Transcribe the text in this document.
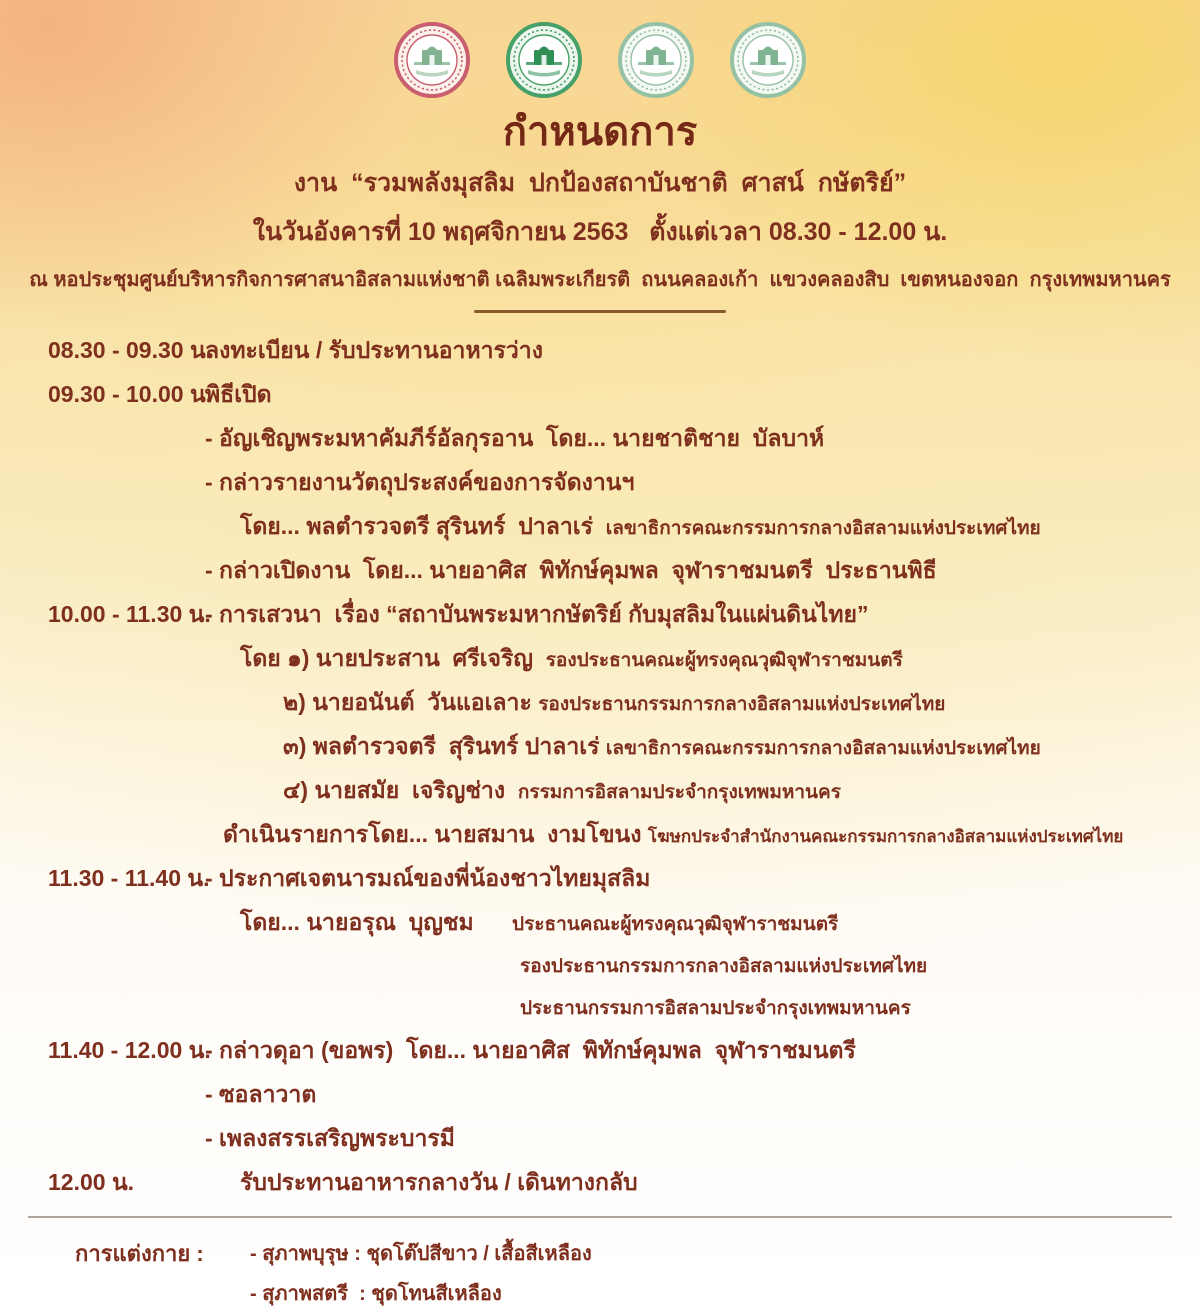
กำหนดการ
งาน  “รวมพลังมุสลิม  ปกป้องสถาบันชาติ  ศาสน์  กษัตริย์”
ในวันอังคารที่ 10 พฤศจิกายน 2563   ตั้งแต่เวลา 08.30 - 12.00 น.
ณ หอประชุมศูนย์บริหารกิจการศาสนาอิสลามแห่งชาติ เฉลิมพระเกียรติ  ถนนคลองเก้า  แขวงคลองสิบ  เขตหนองจอก  กรุงเทพมหานคร
08.30 - 09.30 น.
ลงทะเบียน / รับประทานอาหารว่าง
09.30 - 10.00 น.
พิธีเปิด
- อัญเชิญพระมหาคัมภีร์อัลกุรอาน  โดย... นายชาติชาย  บัลบาห์
- กล่าวรายงานวัตถุประสงค์ของการจัดงานฯ
โดย... พลตำรวจตรี สุรินทร์  ปาลาเร่  เลขาธิการคณะกรรมการกลางอิสลามแห่งประเทศไทย
- กล่าวเปิดงาน  โดย... นายอาศิส  พิทักษ์คุมพล  จุฬาราชมนตรี  ประธานพิธี
10.00 - 11.30 น.
- การเสวนา  เรื่อง “สถาบันพระมหากษัตริย์ กับมุสลิมในแผ่นดินไทย”
โดย ๑) นายประสาน  ศรีเจริญ  รองประธานคณะผู้ทรงคุณวุฒิจุฬาราชมนตรี
๒) นายอนันต์  วันแอเลาะ รองประธานกรรมการกลางอิสลามแห่งประเทศไทย
๓) พลตำรวจตรี  สุรินทร์ ปาลาเร่ เลขาธิการคณะกรรมการกลางอิสลามแห่งประเทศไทย
๔) นายสมัย  เจริญช่าง  กรรมการอิสลามประจำกรุงเทพมหานคร
ดำเนินรายการโดย... นายสมาน  งามโขนง โฆษกประจำสำนักงานคณะกรรมการกลางอิสลามแห่งประเทศไทย
11.30 - 11.40 น.
- ประกาศเจตนารมณ์ของพี่น้องชาวไทยมุสลิม
โดย... นายอรุณ  บุญชม      ประธานคณะผู้ทรงคุณวุฒิจุฬาราชมนตรี
รองประธานกรรมการกลางอิสลามแห่งประเทศไทย
ประธานกรรมการอิสลามประจำกรุงเทพมหานคร
11.40 - 12.00 น.
- กล่าวดุอา (ขอพร)  โดย... นายอาศิส  พิทักษ์คุมพล  จุฬาราชมนตรี
- ซอลาวาต
- เพลงสรรเสริญพระบารมี
12.00 น.	รับประทานอาหารกลางวัน / เดินทางกลับ
การแต่งกาย : - สุภาพบุรุษ : ชุดโต๊ปสีขาว / เสื้อสีเหลือง
- สุภาพสตรี  : ชุดโทนสีเหลือง
